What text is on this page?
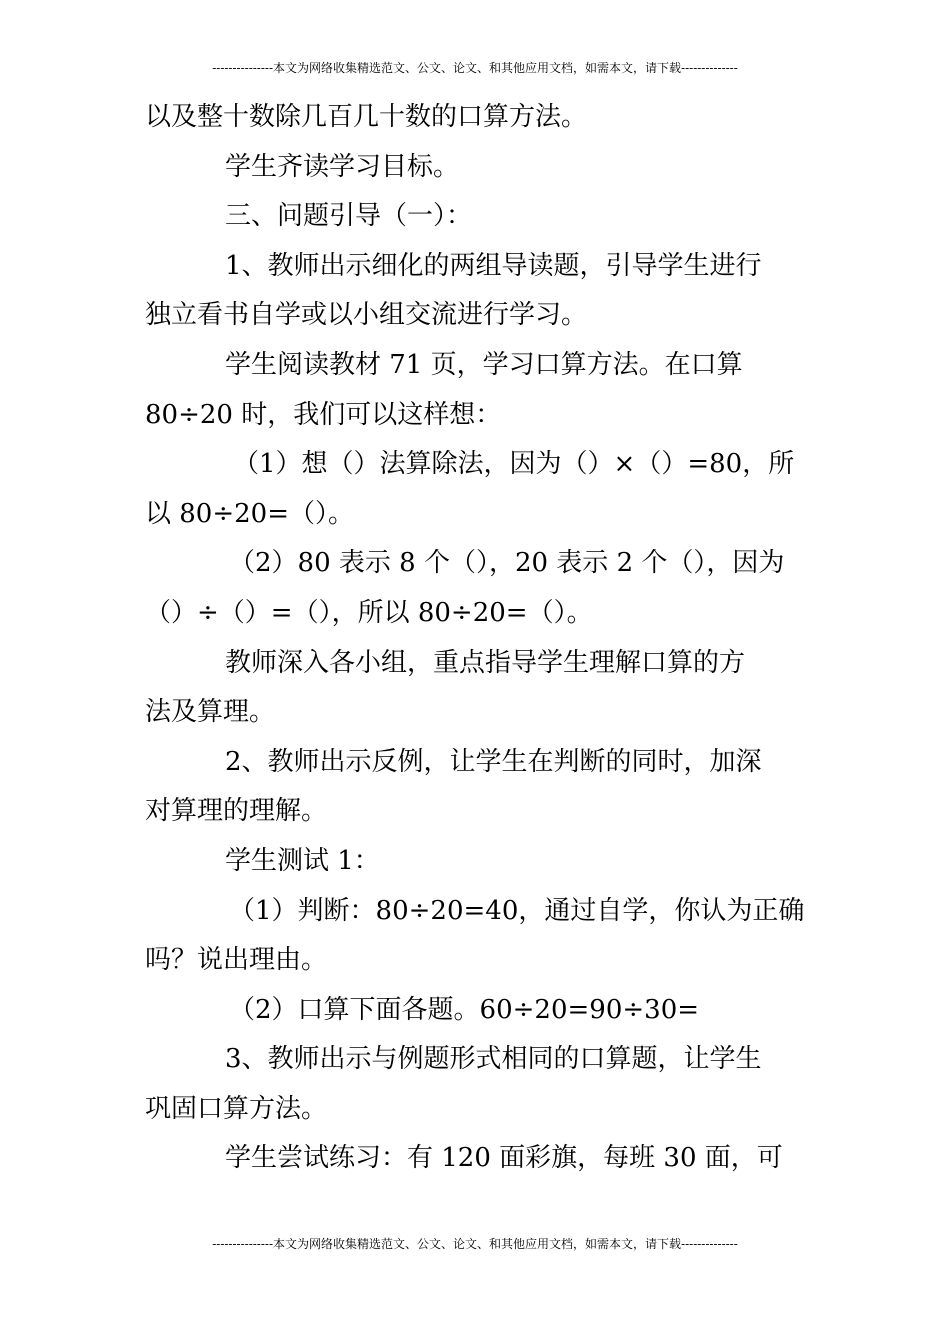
---------------本文为网络收集精选范文、公文、论文、和其他应用文档，如需本文，请下载--------------
以及整十数除几百几十数的口算方法。
学生齐读学习目标。
三、问题引导（一）：
1、教师出示细化的两组导读题，引导学生进行
独立看书自学或以小组交流进行学习。
学生阅读教材 71 页，学习口算方法。在口算
80÷20 时，我们可以这样想：
（1）想（）法算除法，因为（）×（）=80，所
以 80÷20=（）。
（2）80 表示 8 个（），20 表示 2 个（），因为
（）÷（）=（），所以 80÷20=（）。
教师深入各小组，重点指导学生理解口算的方
法及算理。
2、教师出示反例，让学生在判断的同时，加深
对算理的理解。
学生测试 1：
（1）判断：80÷20=40，通过自学，你认为正确
吗？说出理由。
（2）口算下面各题。60÷20=90÷30=
3、教师出示与例题形式相同的口算题，让学生
巩固口算方法。
学生尝试练习：有 120 面彩旗，每班 30 面，可
---------------本文为网络收集精选范文、公文、论文、和其他应用文档，如需本文，请下载--------------
